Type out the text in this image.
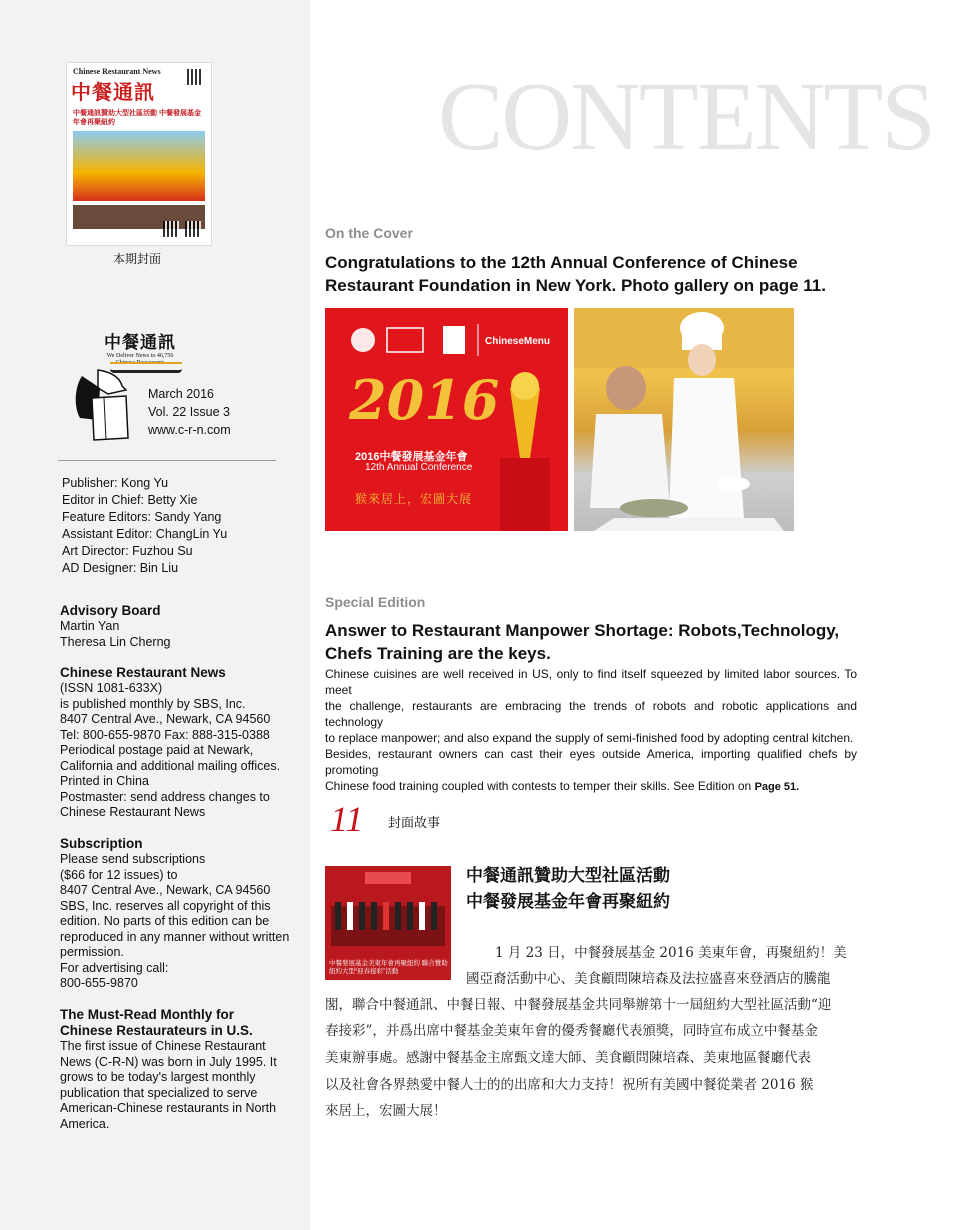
Chinese Restaurant News
中餐通訊
中餐通訊贊助大型社區活動 中餐發展基金年會再聚紐約
本期封面
中餐通訊
We Deliver News to 46,756 Chinese Restaurants
March 2016
Vol. 22 Issue 3
www.c-r-n.com
Publisher: Kong Yu
Editor in Chief: Betty Xie
Feature Editors: Sandy Yang
Assistant Editor: ChangLin Yu
Art Director: Fuzhou Su
AD Designer: Bin Liu
Advisory Board
Martin Yan
Theresa Lin Cherng
Chinese Restaurant News
(ISSN 1081-633X)
is published monthly by SBS, Inc.
8407 Central Ave., Newark, CA 94560
Tel: 800-655-9870 Fax: 888-315-0388
Periodical postage paid at Newark,
California and additional mailing offices.
Printed in China
Postmaster: send address changes to
Chinese Restaurant News
Subscription
Please send subscriptions
($66 for 12 issues) to
8407 Central Ave., Newark, CA 94560
SBS, Inc. reserves all copyright of this
edition. No parts of this edition can be
reproduced in any manner without written
permission.
For advertising call:
800-655-9870
The Must-Read Monthly for
Chinese Restaurateurs in U.S.
The first issue of Chinese Restaurant
News (C-R-N) was born in July 1995. It
grows to be today's largest monthly
publication that specialized to serve
American-Chinese restaurants in North
America.
CONTENTS
On the Cover
Congratulations to the 12th Annual Conference of Chinese
Restaurant Foundation in New York. Photo gallery on page 11.
ChineseMenu
2016
2016中餐發展基金年會
12th Annual Conference
猴來居上，宏圖大展
Special Edition
Answer to Restaurant Manpower Shortage: Robots,Technology,
Chefs Training are the keys.
Chinese cuisines are well received in US, only to find itself squeezed by limited labor sources. To meet
the challenge, restaurants are embracing the trends of robots and robotic applications and technology
to replace manpower; and also expand the supply of semi-finished food by adopting central kitchen.
Besides, restaurant owners can cast their eyes outside America, importing qualified chefs by promoting
Chinese food training coupled with contests to temper their skills. See Edition on Page 51.
11 封面故事
中餐發展基金美東年會再聚紐約 聯合贊助紐約大型“迎春接彩”活動
中餐通訊贊助大型社區活動
中餐發展基金年會再聚紐約
1 月 23 日，中餐發展基金 2016 美東年會，再聚紐約！美
國亞裔活動中心、美食顧問陳培森及法拉盛喜來登酒店的騰龍
閣，聯合中餐通訊、中餐日報、中餐發展基金共同舉辦第十一屆紐約大型社區活動“迎
春接彩”，并爲出席中餐基金美東年會的優秀餐廳代表頒獎，同時宣布成立中餐基金
美東辦事處。感謝中餐基金主席甄文達大師、美食顧問陳培森、美東地區餐廳代表
以及社會各界熱愛中餐人士的的出席和大力支持！祝所有美國中餐從業者 2016 猴
來居上，宏圖大展！
